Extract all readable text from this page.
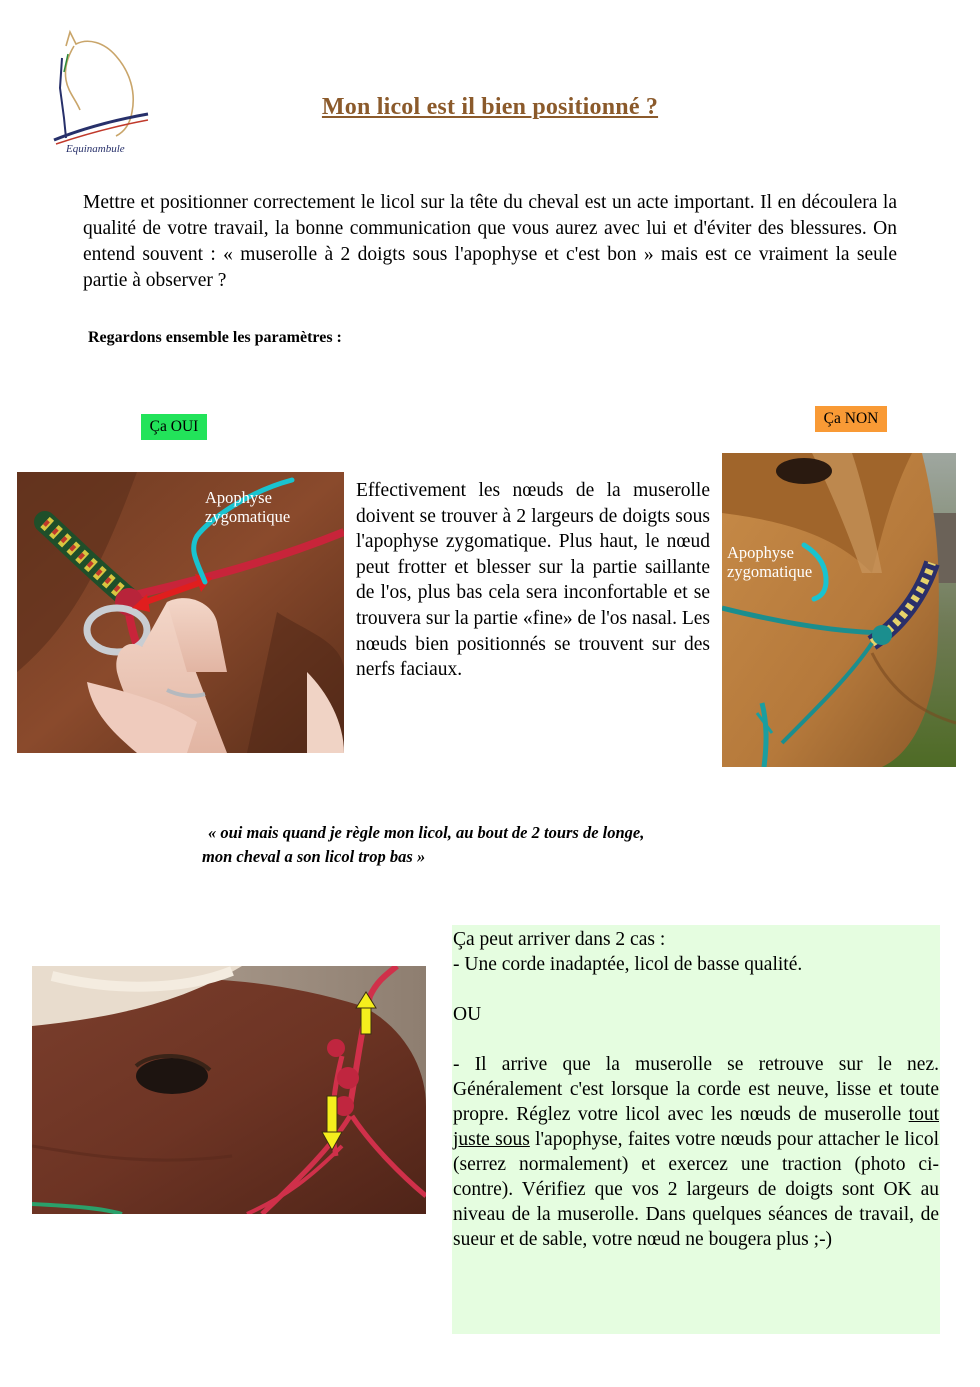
Equinambule
Mon licol est il bien positionné ?
Mettre et positionner correctement le licol sur la tête du cheval est un acte important. Il en découlera la qualité de votre travail, la bonne communication que vous aurez avec lui et d'éviter des blessures. On entend souvent : « muserolle à 2 doigts sous l'apophyse et c'est bon » mais est ce vraiment la seule partie à observer ?
Regardons ensemble les paramètres :
Ça OUI	Ça NON
Apophyse
zygomatique
Effectivement les nœuds de la muserolle doivent se trouver à 2 largeurs de doigts sous l'apophyse zygomatique. Plus haut, le nœud peut frotter et blesser sur la partie saillante de l'os, plus bas cela sera inconfortable et se trouvera sur la partie «fine» de l'os nasal. Les nœuds bien positionnés se trouvent sur des nerfs faciaux.
Apophyse
zygomatique
« oui mais quand je règle mon licol, au bout de 2 tours de longe,
mon cheval a son licol trop bas »

Ça peut arriver dans 2 cas :

- Une corde inadaptée, licol de basse qualité.

OU

- Il arrive que la muserolle se retrouve sur le nez. Généralement c'est lorsque la corde est neuve, lisse et toute propre. Réglez votre licol avec les nœuds de muserolle tout juste sous l'apophyse, faites votre nœuds pour attacher le licol (serrez normalement) et exercez une traction (photo ci-contre). Vérifiez que vos 2 largeurs de doigts sont OK au niveau de la muserolle. Dans quelques séances de travail, de sueur et de sable, votre nœud ne bougera plus ;-)
